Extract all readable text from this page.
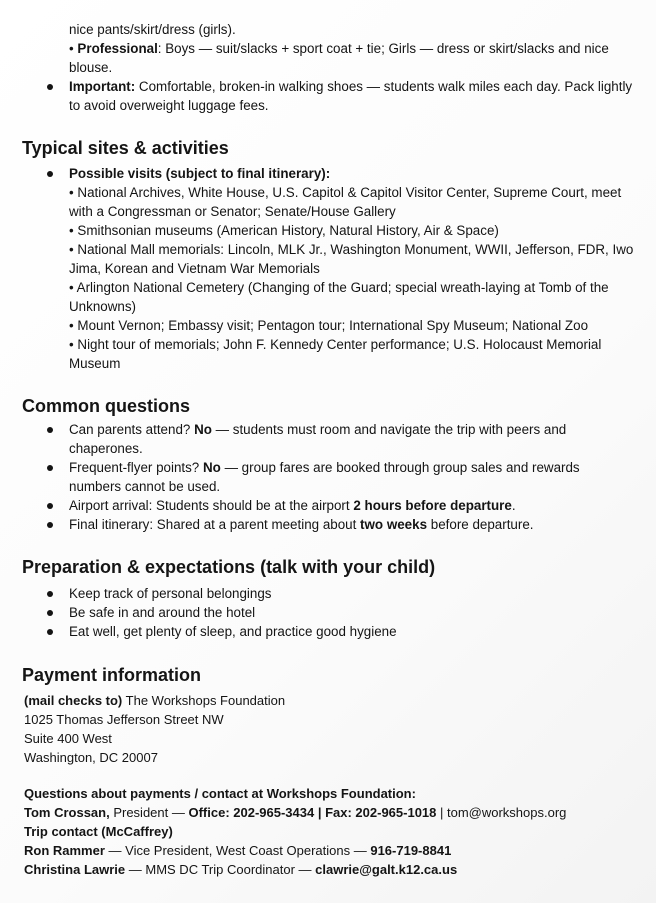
nice pants/skirt/dress (girls).
• Professional: Boys — suit/slacks + sport coat + tie; Girls — dress or skirt/slacks and nice blouse.
Important: Comfortable, broken-in walking shoes — students walk miles each day. Pack lightly to avoid overweight luggage fees.
Typical sites & activities
Possible visits (subject to final itinerary):
• National Archives, White House, U.S. Capitol & Capitol Visitor Center, Supreme Court, meet with a Congressman or Senator; Senate/House Gallery
• Smithsonian museums (American History, Natural History, Air & Space)
• National Mall memorials: Lincoln, MLK Jr., Washington Monument, WWII, Jefferson, FDR, Iwo Jima, Korean and Vietnam War Memorials
• Arlington National Cemetery (Changing of the Guard; special wreath-laying at Tomb of the Unknowns)
• Mount Vernon; Embassy visit; Pentagon tour; International Spy Museum; National Zoo
• Night tour of memorials; John F. Kennedy Center performance; U.S. Holocaust Memorial Museum
Common questions
Can parents attend? No — students must room and navigate the trip with peers and chaperones.
Frequent-flyer points? No — group fares are booked through group sales and rewards numbers cannot be used.
Airport arrival: Students should be at the airport 2 hours before departure.
Final itinerary: Shared at a parent meeting about two weeks before departure.
Preparation & expectations (talk with your child)
Keep track of personal belongings
Be safe in and around the hotel
Eat well, get plenty of sleep, and practice good hygiene
Payment information
(mail checks to) The Workshops Foundation
1025 Thomas Jefferson Street NW
Suite 400 West
Washington, DC 20007
Questions about payments / contact at Workshops Foundation:
Tom Crossan, President — Office: 202-965-3434 | Fax: 202-965-1018 | tom@workshops.org
Trip contact (McCaffrey)
Ron Rammer — Vice President, West Coast Operations — 916-719-8841
Christina Lawrie — MMS DC Trip Coordinator — clawrie@galt.k12.ca.us
